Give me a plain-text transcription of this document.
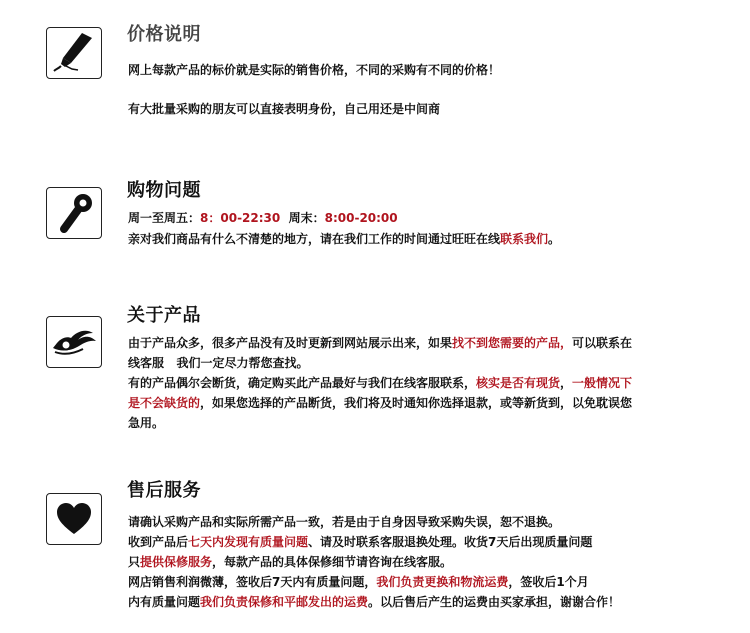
价格说明
网上每款产品的标价就是实际的销售价格，不同的采购有不同的价格！
有大批量采购的朋友可以直接表明身份，自己用还是中间商
购物问题
周一至周五：8：00-22:30  周末：8:00-20:00
亲对我们商品有什么不清楚的地方，请在我们工作的时间通过旺旺在线联系我们。
关于产品
由于产品众多，很多产品没有及时更新到网站展示出来，如果找不到您需要的产品，可以联系在
线客服   我们一定尽力帮您查找。
有的产品偶尔会断货，确定购买此产品最好与我们在线客服联系，核实是否有现货，一般情况下
是不会缺货的，如果您选择的产品断货，我们将及时通知你选择退款，或等新货到，以免耽误您
急用。
售后服务
请确认采购产品和实际所需产品一致，若是由于自身因导致采购失误，恕不退换。
收到产品后七天内发现有质量问题、请及时联系客服退换处理。收货7天后出现质量问题
只提供保修服务，每款产品的具体保修细节请咨询在线客服。
网店销售利润微薄，签收后7天内有质量问题，我们负责更换和物流运费，签收后1个月
内有质量问题我们负责保修和平邮发出的运费。以后售后产生的运费由买家承担，谢谢合作！
